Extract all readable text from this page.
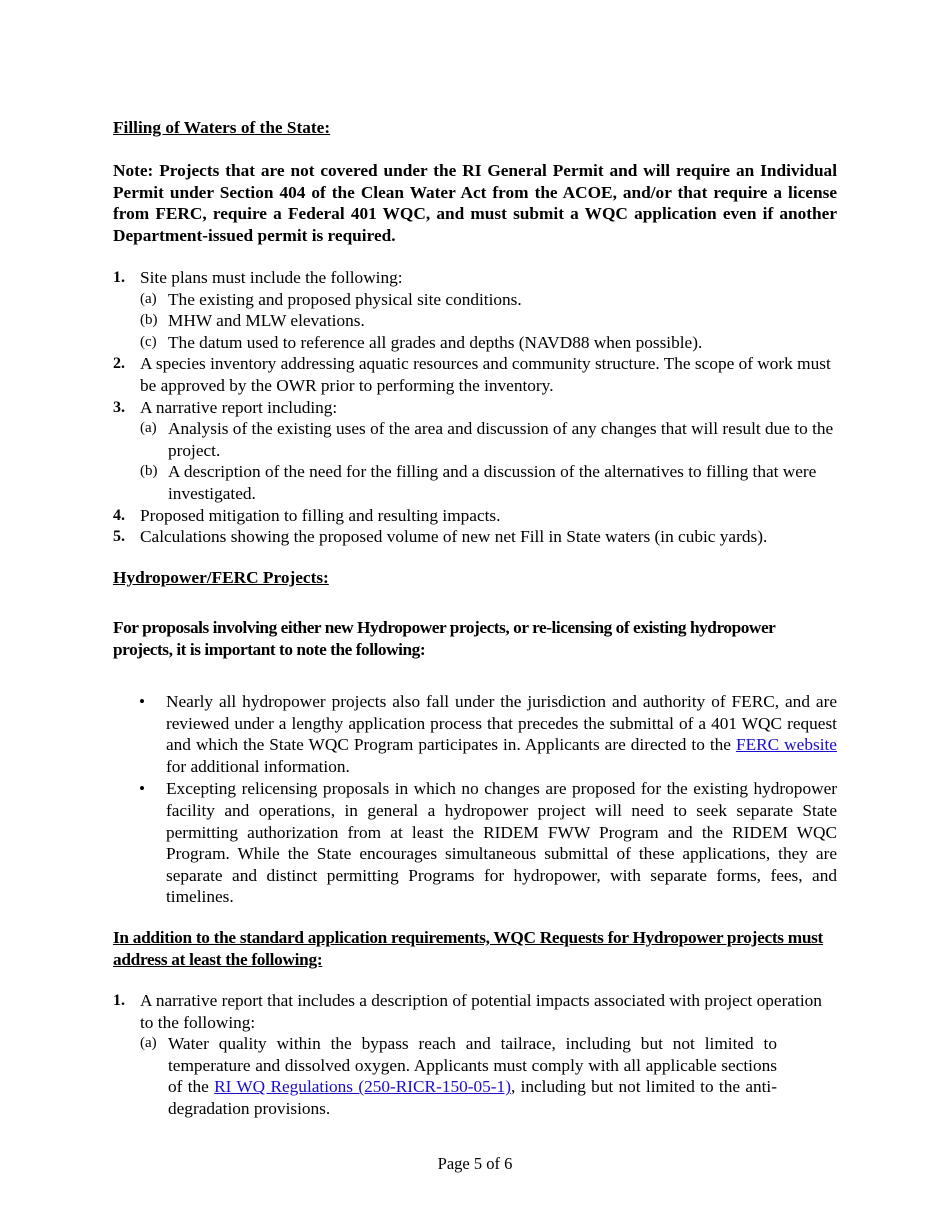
Filling of Waters of the State:
Note: Projects that are not covered under the RI General Permit and will require an Individual Permit under Section 404 of the Clean Water Act from the ACOE, and/or that require a license from FERC, require a Federal 401 WQC, and must submit a WQC application even if another Department-issued permit is required.
1. Site plans must include the following:
(a) The existing and proposed physical site conditions.
(b) MHW and MLW elevations.
(c) The datum used to reference all grades and depths (NAVD88 when possible).
2. A species inventory addressing aquatic resources and community structure. The scope of work must be approved by the OWR prior to performing the inventory.
3. A narrative report including:
(a) Analysis of the existing uses of the area and discussion of any changes that will result due to the project.
(b) A description of the need for the filling and a discussion of the alternatives to filling that were investigated.
4. Proposed mitigation to filling and resulting impacts.
5. Calculations showing the proposed volume of new net Fill in State waters (in cubic yards).
Hydropower/FERC Projects:
For proposals involving either new Hydropower projects, or re-licensing of existing hydropower projects, it is important to note the following:
• Nearly all hydropower projects also fall under the jurisdiction and authority of FERC, and are reviewed under a lengthy application process that precedes the submittal of a 401 WQC request and which the State WQC Program participates in. Applicants are directed to the FERC website for additional information.
• Excepting relicensing proposals in which no changes are proposed for the existing hydropower facility and operations, in general a hydropower project will need to seek separate State permitting authorization from at least the RIDEM FWW Program and the RIDEM WQC Program. While the State encourages simultaneous submittal of these applications, they are separate and distinct permitting Programs for hydropower, with separate forms, fees, and timelines.
In addition to the standard application requirements, WQC Requests for Hydropower projects must address at least the following:
1. A narrative report that includes a description of potential impacts associated with project operation to the following:
(a) Water quality within the bypass reach and tailrace, including but not limited to temperature and dissolved oxygen. Applicants must comply with all applicable sections of the RI WQ Regulations (250-RICR-150-05-1), including but not limited to the anti-degradation provisions.
Page 5 of 6
